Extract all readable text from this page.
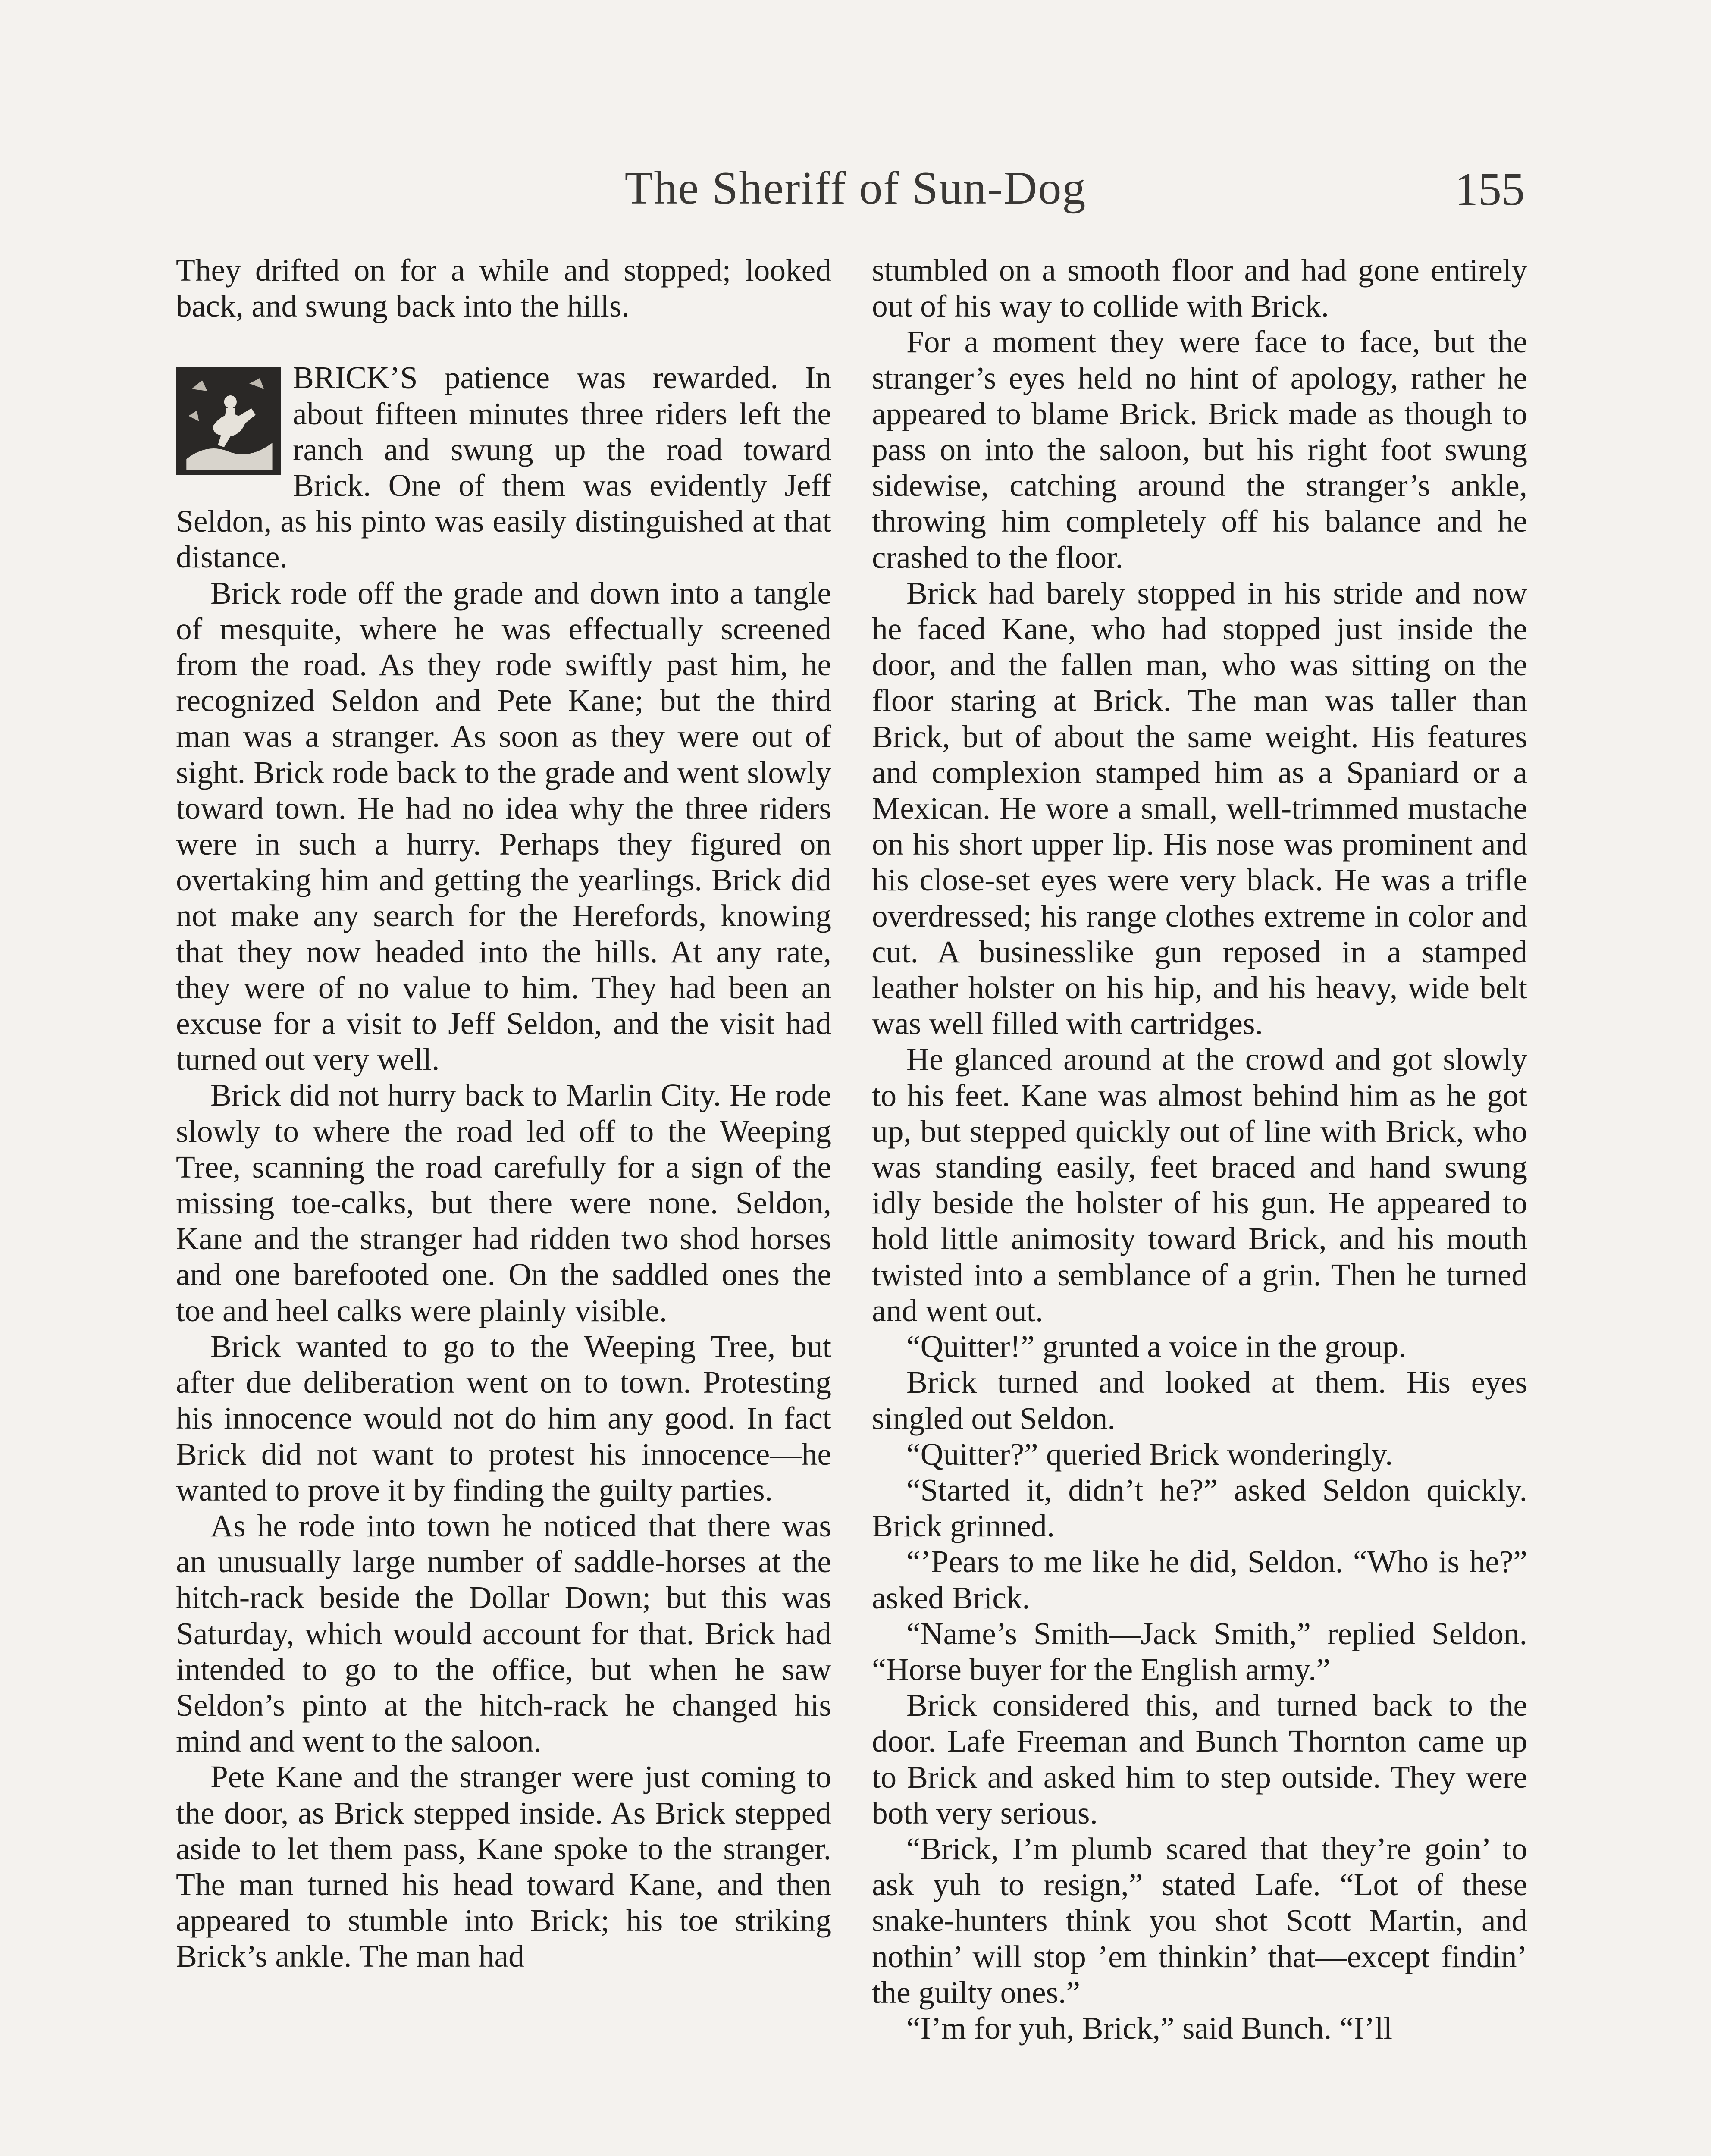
The Sheriff of Sun-Dog	155

They drifted on for a while and stopped; looked back, and swung back into the hills.

BRICK’S patience was rewarded. In about fifteen minutes three riders left the ranch and swung up the road toward Brick. One of them was evidently Jeff Seldon, as his pinto was easily distinguished at that distance.

Brick rode off the grade and down into a tangle of mesquite, where he was effectually screened from the road. As they rode swiftly past him, he recognized Seldon and Pete Kane; but the third man was a stranger. As soon as they were out of sight. Brick rode back to the grade and went slowly toward town. He had no idea why the three riders were in such a hurry. Perhaps they figured on overtaking him and getting the yearlings. Brick did not make any search for the Herefords, knowing that they now headed into the hills. At any rate, they were of no value to him. They had been an excuse for a visit to Jeff Seldon, and the visit had turned out very well.

Brick did not hurry back to Marlin City. He rode slowly to where the road led off to the Weeping Tree, scanning the road carefully for a sign of the missing toe-calks, but there were none. Seldon, Kane and the stranger had ridden two shod horses and one barefooted one. On the saddled ones the toe and heel calks were plainly visible.

Brick wanted to go to the Weeping Tree, but after due deliberation went on to town. Protesting his innocence would not do him any good. In fact Brick did not want to protest his innocence—he wanted to prove it by finding the guilty parties.

As he rode into town he noticed that there was an unusually large number of saddle-horses at the hitch-rack beside the Dollar Down; but this was Saturday, which would account for that. Brick had intended to go to the office, but when he saw Seldon’s pinto at the hitch-rack he changed his mind and went to the saloon.

Pete Kane and the stranger were just coming to the door, as Brick stepped inside. As Brick stepped aside to let them pass, Kane spoke to the stranger. The man turned his head toward Kane, and then appeared to stumble into Brick; his toe striking Brick’s ankle. The man had

stumbled on a smooth floor and had gone entirely out of his way to collide with Brick.

For a moment they were face to face, but the stranger’s eyes held no hint of apology, rather he appeared to blame Brick. Brick made as though to pass on into the saloon, but his right foot swung sidewise, catching around the stranger’s ankle, throwing him completely off his balance and he crashed to the floor.

Brick had barely stopped in his stride and now he faced Kane, who had stopped just inside the door, and the fallen man, who was sitting on the floor staring at Brick. The man was taller than Brick, but of about the same weight. His features and complexion stamped him as a Spaniard or a Mexican. He wore a small, well-trimmed mustache on his short upper lip. His nose was prominent and his close-set eyes were very black. He was a trifle overdressed; his range clothes extreme in color and cut. A businesslike gun reposed in a stamped leather holster on his hip, and his heavy, wide belt was well filled with cartridges.

He glanced around at the crowd and got slowly to his feet. Kane was almost behind him as he got up, but stepped quickly out of line with Brick, who was standing easily, feet braced and hand swung idly beside the holster of his gun. He appeared to hold little animosity toward Brick, and his mouth twisted into a semblance of a grin. Then he turned and went out.

“Quitter!” grunted a voice in the group.

Brick turned and looked at them. His eyes singled out Seldon.

“Quitter?” queried Brick wonderingly.

“Started it, didn’t he?” asked Seldon quickly. Brick grinned.

“’Pears to me like he did, Seldon. “Who is he?” asked Brick.

“Name’s Smith—Jack Smith,” replied Seldon. “Horse buyer for the English army.”

Brick considered this, and turned back to the door. Lafe Freeman and Bunch Thornton came up to Brick and asked him to step outside. They were both very serious.

“Brick, I’m plumb scared that they’re goin’ to ask yuh to resign,” stated Lafe. “Lot of these snake-hunters think you shot Scott Martin, and nothin’ will stop ’em thinkin’ that—except findin’ the guilty ones.”

“I’m for yuh, Brick,” said Bunch. “I’ll
